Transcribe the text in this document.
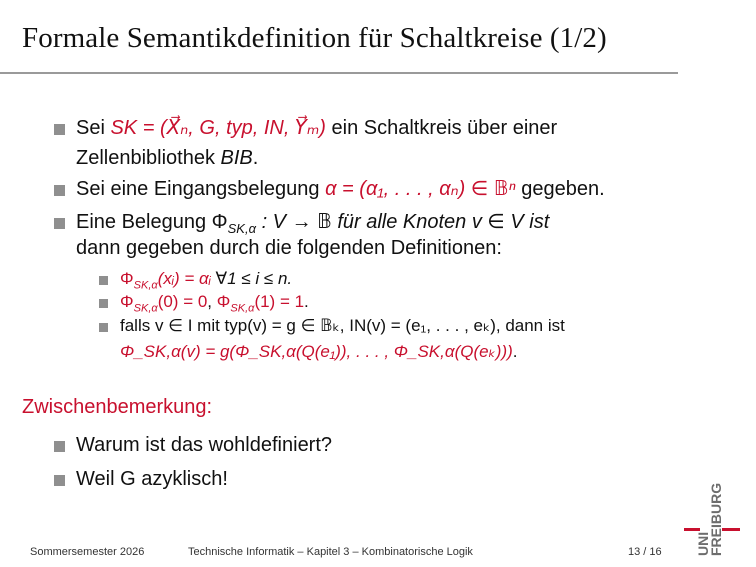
Formale Semantikdefinition für Schaltkreise (1/2)
Sei SK = (X⃗ₙ, G, typ, IN, Y⃗ₘ) ein Schaltkreis über einer
Zellenbibliothek BIB.
Sei eine Eingangsbelegung α = (α₁, . . . , αₙ) ∈ 𝔹ⁿ gegeben.
Eine Belegung $\Phi_{SK,\alpha}$ : V → 𝔹 für alle Knoten v ∈ V ist
dann gegeben durch die folgenden Definitionen:
$\Phi_{SK,\alpha}(xᵢ)$ = αᵢ ∀1 ≤ i ≤ n.
$\Phi_{SK,\alpha}(0) = 0$, $\Phi_{SK,\alpha}(1) = 1$.
falls v ∈ I mit typ(v) = g ∈ 𝔹ₖ, IN(v) = (e₁, . . . , eₖ), dann ist
Φ_SK,α(v) = g(Φ_SK,α(Q(e₁)), . . . , Φ_SK,α(Q(eₖ))).
Zwischenbemerkung:
Warum ist das wohldefiniert?
Weil G azyklisch!
Sommersemester 2026	Technische Informatik – Kapitel 3 – Kombinatorische Logik	13 / 16 UNI
FREIBURG
